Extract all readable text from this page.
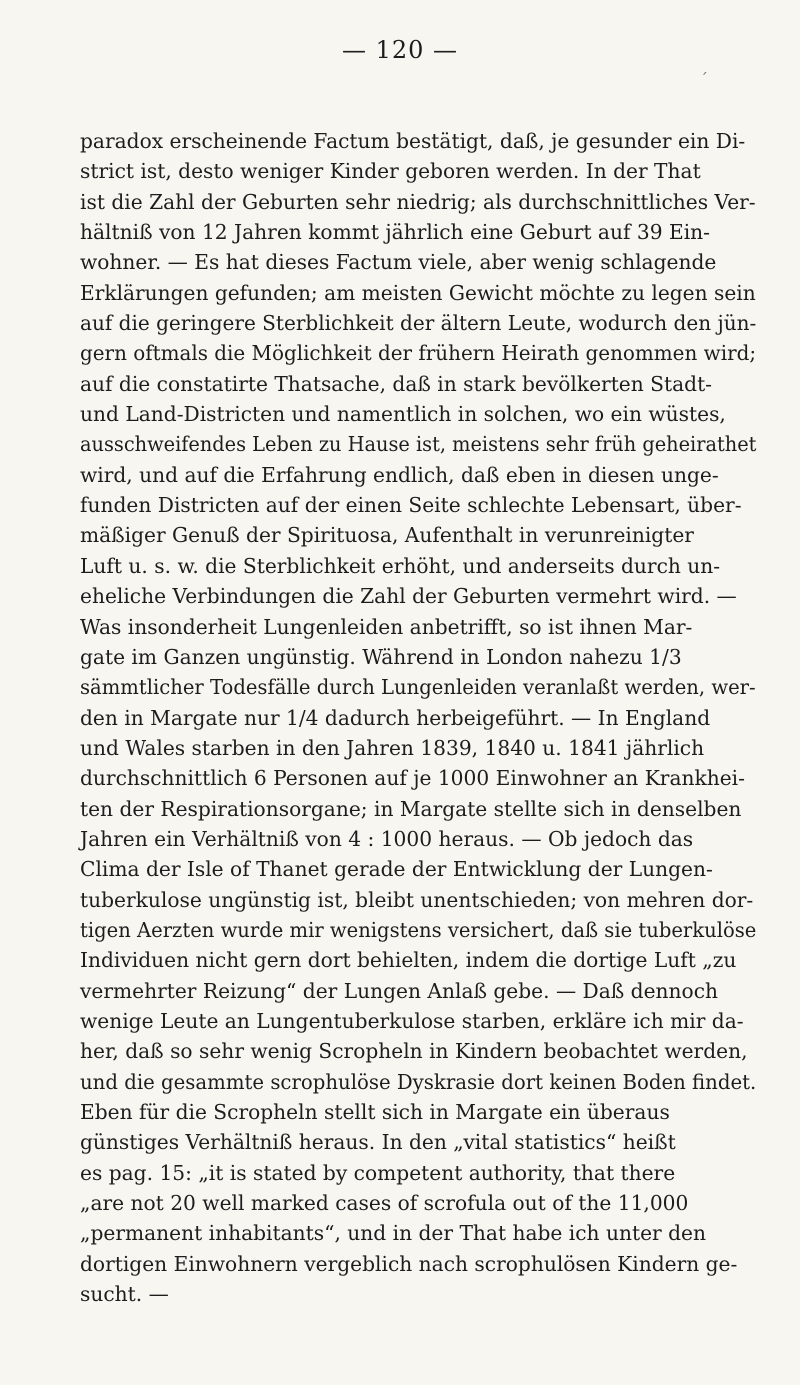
— 120 —
ˊ
paradox erscheinende Factum bestätigt, daß, je gesunder ein Di-
strict ist, desto weniger Kinder geboren werden. In der That
ist die Zahl der Geburten sehr niedrig; als durchschnittliches Ver-
hältniß von 12 Jahren kommt jährlich eine Geburt auf 39 Ein-
wohner. — Es hat dieses Factum viele, aber wenig schlagende
Erklärungen gefunden; am meisten Gewicht möchte zu legen sein
auf die geringere Sterblichkeit der ältern Leute, wodurch den jün-
gern oftmals die Möglichkeit der frühern Heirath genommen wird;
auf die constatirte Thatsache, daß in stark bevölkerten Stadt-
und Land-Districten und namentlich in solchen, wo ein wüstes,
ausschweifendes Leben zu Hause ist, meistens sehr früh geheirathet
wird, und auf die Erfahrung endlich, daß eben in diesen unge-
funden Districten auf der einen Seite schlechte Lebensart, über-
mäßiger Genuß der Spirituosa, Aufenthalt in verunreinigter
Luft u. s. w. die Sterblichkeit erhöht, und anderseits durch un-
eheliche Verbindungen die Zahl der Geburten vermehrt wird. —
Was insonderheit Lungenleiden anbetrifft, so ist ihnen Mar-
gate im Ganzen ungünstig. Während in London nahezu 1/3
sämmtlicher Todesfälle durch Lungenleiden veranlaßt werden, wer-
den in Margate nur 1/4 dadurch herbeigeführt. — In England
und Wales starben in den Jahren 1839, 1840 u. 1841 jährlich
durchschnittlich 6 Personen auf je 1000 Einwohner an Krankhei-
ten der Respirationsorgane; in Margate stellte sich in denselben
Jahren ein Verhältniß von 4 : 1000 heraus. — Ob jedoch das
Clima der Isle of Thanet gerade der Entwicklung der Lungen-
tuberkulose ungünstig ist, bleibt unentschieden; von mehren dor-
tigen Aerzten wurde mir wenigstens versichert, daß sie tuberkulöse
Individuen nicht gern dort behielten, indem die dortige Luft „zu
vermehrter Reizung“ der Lungen Anlaß gebe. — Daß dennoch
wenige Leute an Lungentuberkulose starben, erkläre ich mir da-
her, daß so sehr wenig Scropheln in Kindern beobachtet werden,
und die gesammte scrophulöse Dyskrasie dort keinen Boden findet.
Eben für die Scropheln stellt sich in Margate ein überaus
günstiges Verhältniß heraus. In den „vital statistics“ heißt
es pag. 15: „it is stated by competent authority, that there
„are not 20 well marked cases of scrofula out of the 11,000
„permanent inhabitants“, und in der That habe ich unter den
dortigen Einwohnern vergeblich nach scrophulösen Kindern ge-
sucht. —
